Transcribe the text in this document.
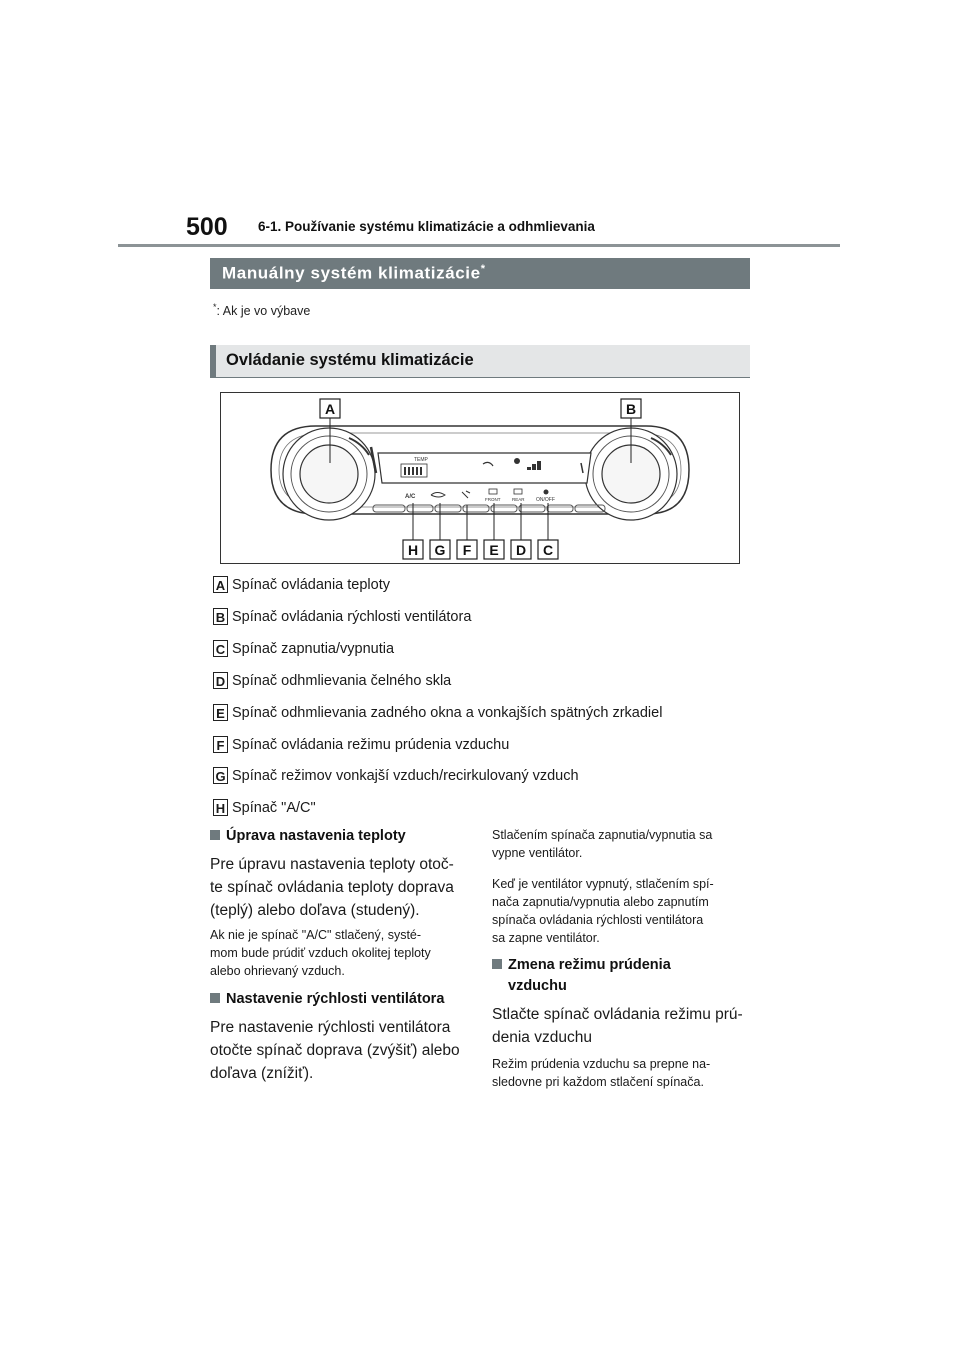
500 6-1. Používanie systému klimatizácie a odhmlievania
Manuálny systém klimatizácie*
*: Ak je vo výbave
Ovládanie systému klimatizácie
TEMP
A/C	FRONT	REAR ON/OFF
A	B
H G F E D C
A Spínač ovládania teploty
B Spínač ovládania rýchlosti ventilátora
C Spínač zapnutia/vypnutia
D Spínač odhmlievania čelného skla
E Spínač odhmlievania zadného okna a vonkajších spätných zrkadiel
F Spínač ovládania režimu prúdenia vzduchu
G Spínač režimov vonkajší vzduch/recirkulovaný vzduch
H Spínač "A/C"
Úprava nastavenia teploty
Pre úpravu nastavenia teploty otoč-
te spínač ovládania teploty doprava
(teplý) alebo doľava (studený).
Ak nie je spínač "A/C" stlačený, systé-
mom bude prúdiť vzduch okolitej teploty
alebo ohrievaný vzduch.
Nastavenie rýchlosti ventilátora
Pre nastavenie rýchlosti ventilátora
otočte spínač doprava (zvýšiť) alebo
doľava (znížiť).
Stlačením spínača zapnutia/vypnutia sa
vypne ventilátor.
Keď je ventilátor vypnutý, stlačením spí-
nača zapnutia/vypnutia alebo zapnutím
spínača ovládania rýchlosti ventilátora
sa zapne ventilátor.
Zmena režimu prúdenia
vzduchu
Stlačte spínač ovládania režimu prú-
denia vzduchu
Režim prúdenia vzduchu sa prepne na-
sledovne pri každom stlačení spínača.
